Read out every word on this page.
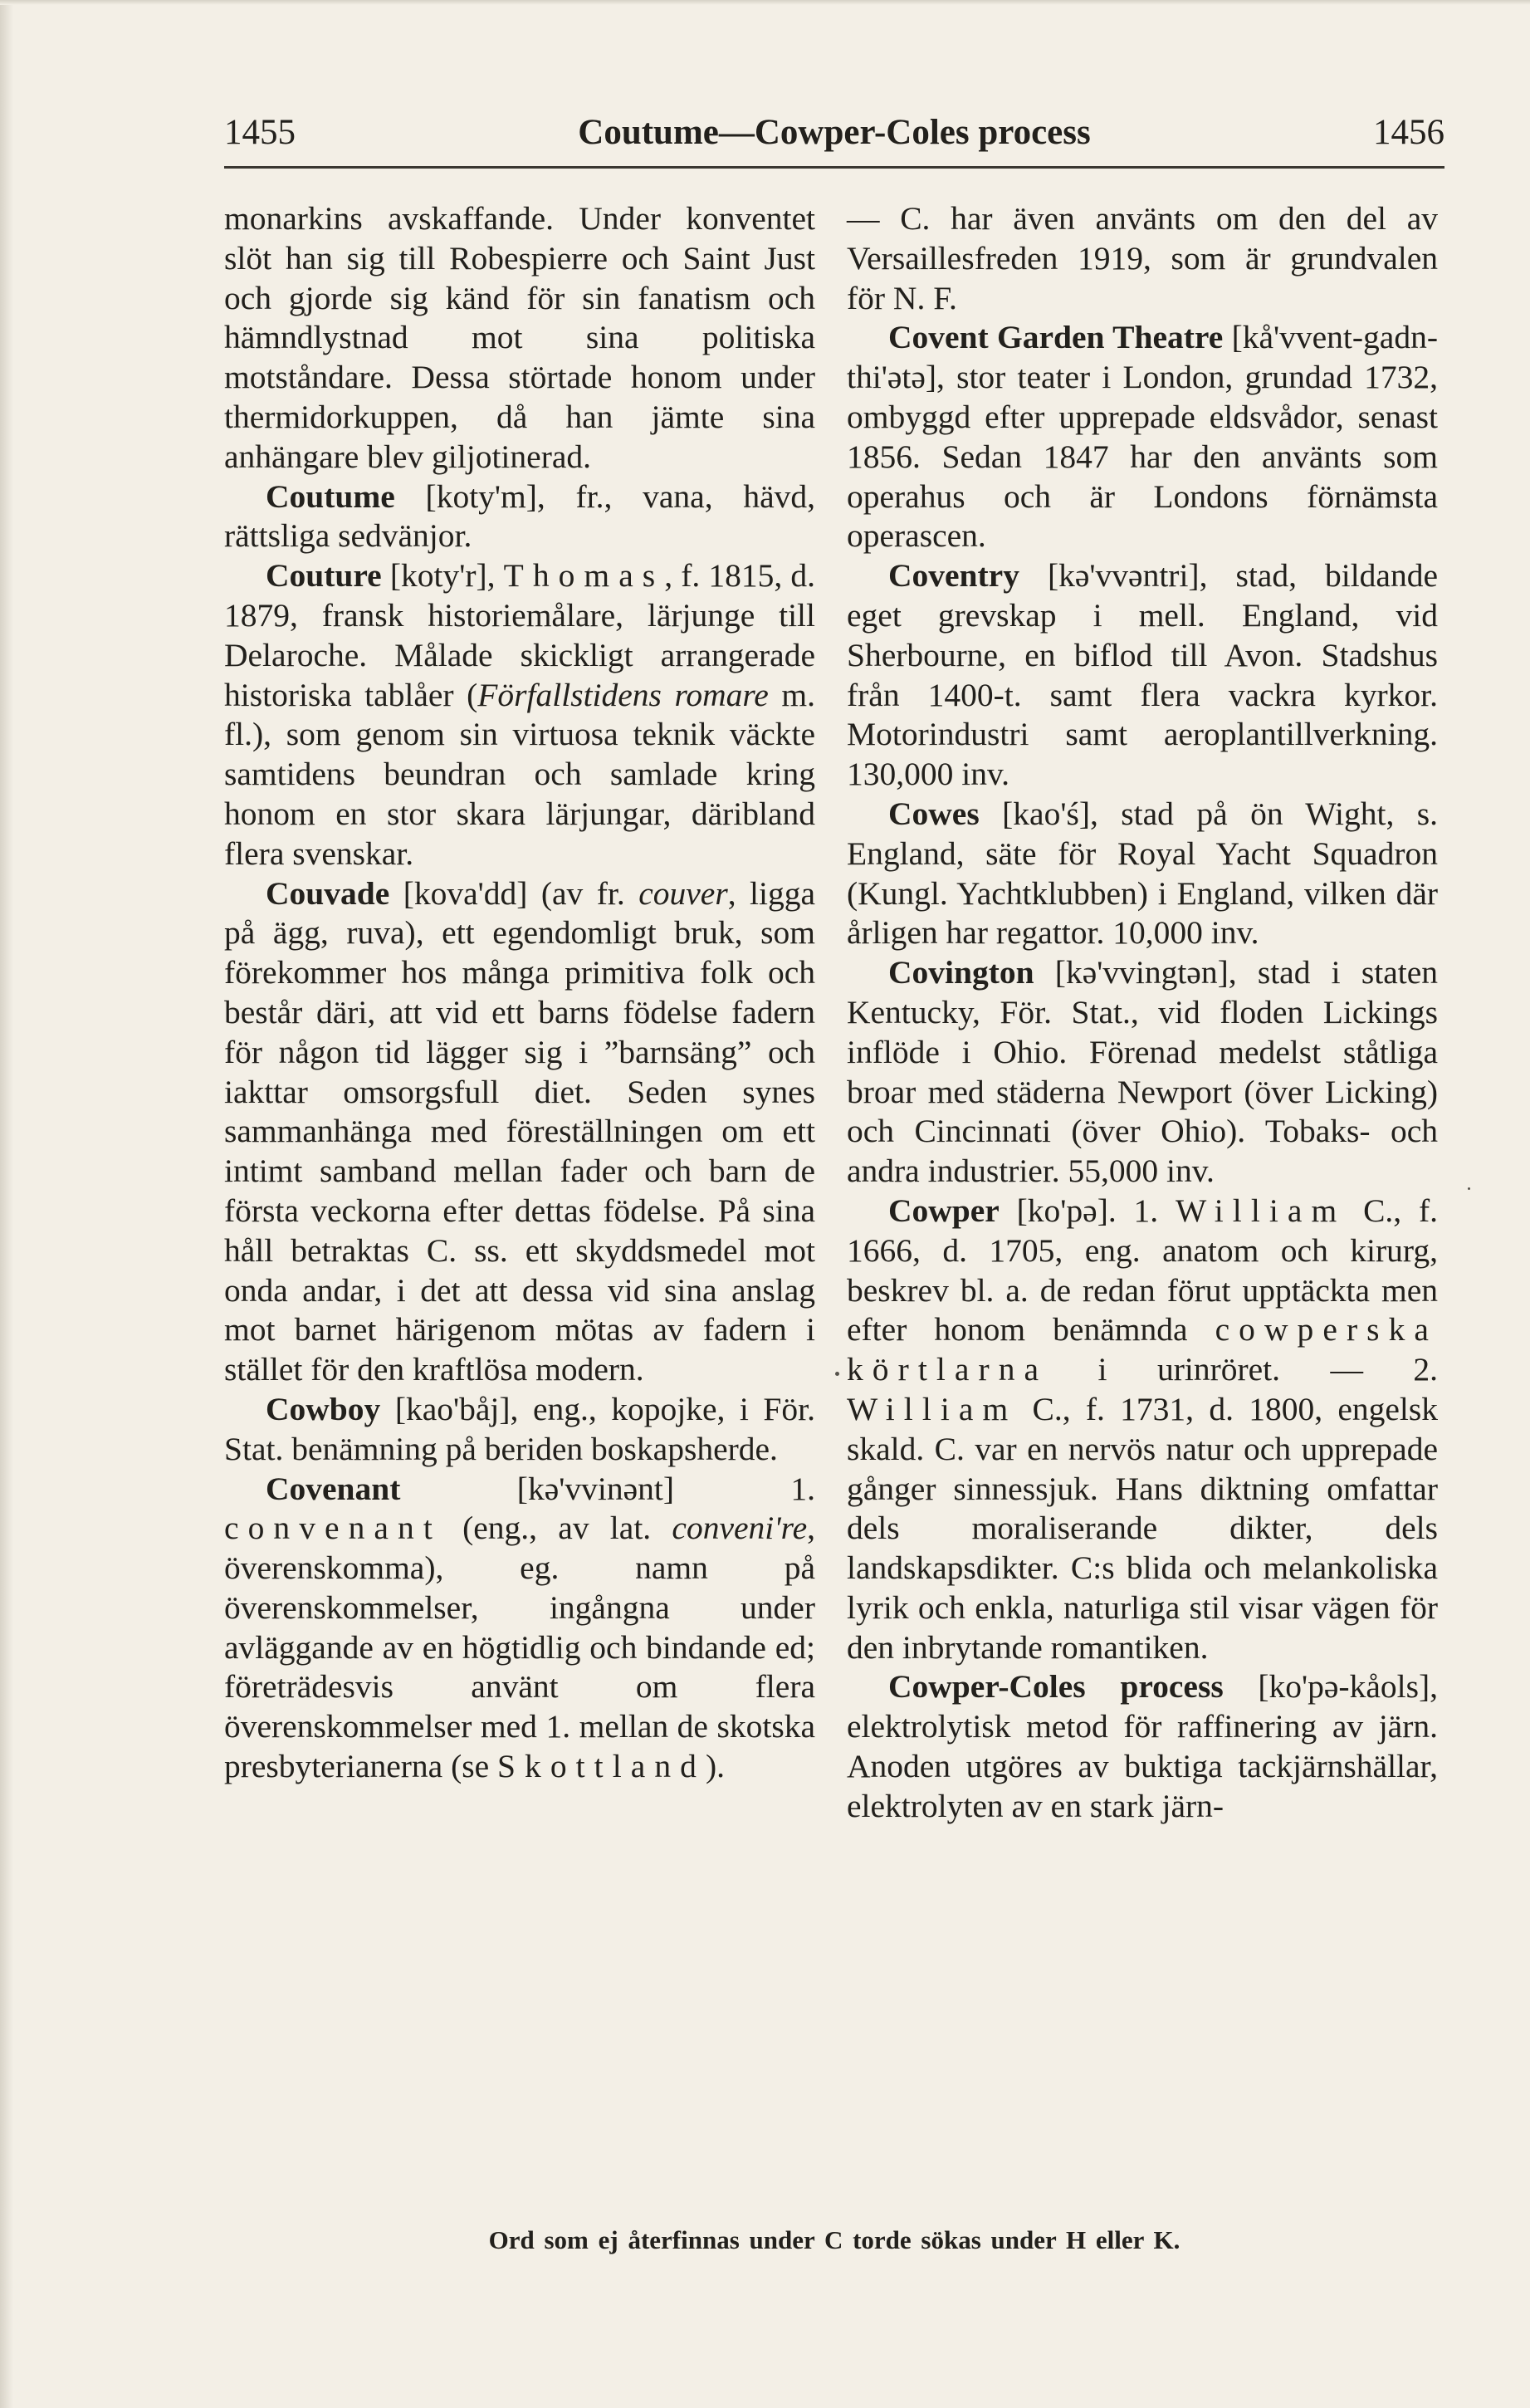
1455	Coutume—Cowper-Coles process	1456

monarkins avskaffande. Under konventet slöt han sig till Robespierre och Saint Just och gjorde sig känd för sin fanatism och hämndlystnad mot sina politiska motståndare. Dessa störtade honom under thermidorkuppen, då han jämte sina anhängare blev giljotinerad.

Coutume [koty'm], fr., vana, hävd, rättsliga sedvänjor.

Couture [koty'r], Thomas, f. 1815, d. 1879, fransk historiemålare, lärjunge till Delaroche. Målade skickligt arrangerade historiska tablåer (Förfallstidens romare m. fl.), som genom sin virtuosa teknik väckte samtidens beundran och samlade kring honom en stor skara lärjungar, däribland flera svenskar.

Couvade [kova'dd] (av fr. couver, ligga på ägg, ruva), ett egendomligt bruk, som förekommer hos många primitiva folk och består däri, att vid ett barns födelse fadern för någon tid lägger sig i ”barnsäng” och iakttar omsorgsfull diet. Seden synes sammanhänga med föreställningen om ett intimt samband mellan fader och barn de första veckorna efter dettas födelse. På sina håll betraktas C. ss. ett skyddsmedel mot onda andar, i det att dessa vid sina anslag mot barnet härigenom mötas av fadern i stället för den kraftlösa modern.

Cowboy [kao'båj], eng., kopojke, i För. Stat. benämning på beriden boskapsherde.

Covenant [kə'vvinənt] 1. convenant (eng., av lat. conveni're, överenskomma), eg. namn på överenskommelser, ingångna under avläggande av en högtidlig och bindande ed; företrädesvis använt om flera överenskommelser med 1. mellan de skotska presbyterianerna (se Skottland).

— C. har även använts om den del av Versaillesfreden 1919, som är grundvalen för N. F.

Covent Garden Theatre [kå'vvent-gadn-thi'ətə], stor teater i London, grundad 1732, ombyggd efter upprepade eldsvådor, senast 1856. Sedan 1847 har den använts som operahus och är Londons förnämsta operascen.

Coventry [kə'vvəntri], stad, bildande eget grevskap i mell. England, vid Sherbourne, en biflod till Avon. Stadshus från 1400-t. samt flera vackra kyrkor. Motorindustri samt aeroplantillverkning. 130,000 inv.

Cowes [kao'ś], stad på ön Wight, s. England, säte för Royal Yacht Squadron (Kungl. Yachtklubben) i England, vilken där årligen har regattor. 10,000 inv.

Covington [kə'vvingtən], stad i staten Kentucky, För. Stat., vid floden Lickings inflöde i Ohio. Förenad medelst ståtliga broar med städerna Newport (över Licking) och Cincinnati (över Ohio). Tobaks- och andra industrier. 55,000 inv.

Cowper [ko'pə]. 1. William C., f. 1666, d. 1705, eng. anatom och kirurg, beskrev bl. a. de redan förut upptäckta men efter honom benämnda cowperska körtlarna i urinröret. — 2. William C., f. 1731, d. 1800, engelsk skald. C. var en nervös natur och upprepade gånger sinnessjuk. Hans diktning omfattar dels moraliserande dikter, dels landskapsdikter. C:s blida och melankoliska lyrik och enkla, naturliga stil visar vägen för den inbrytande romantiken.

Cowper-Coles process [ko'pə-kåols], elektrolytisk metod för raffinering av järn. Anoden utgöres av buktiga tackjärnshällar, elektrolyten av en stark järn-

Ord som ej återfinnas under C torde sökas under H eller K.
